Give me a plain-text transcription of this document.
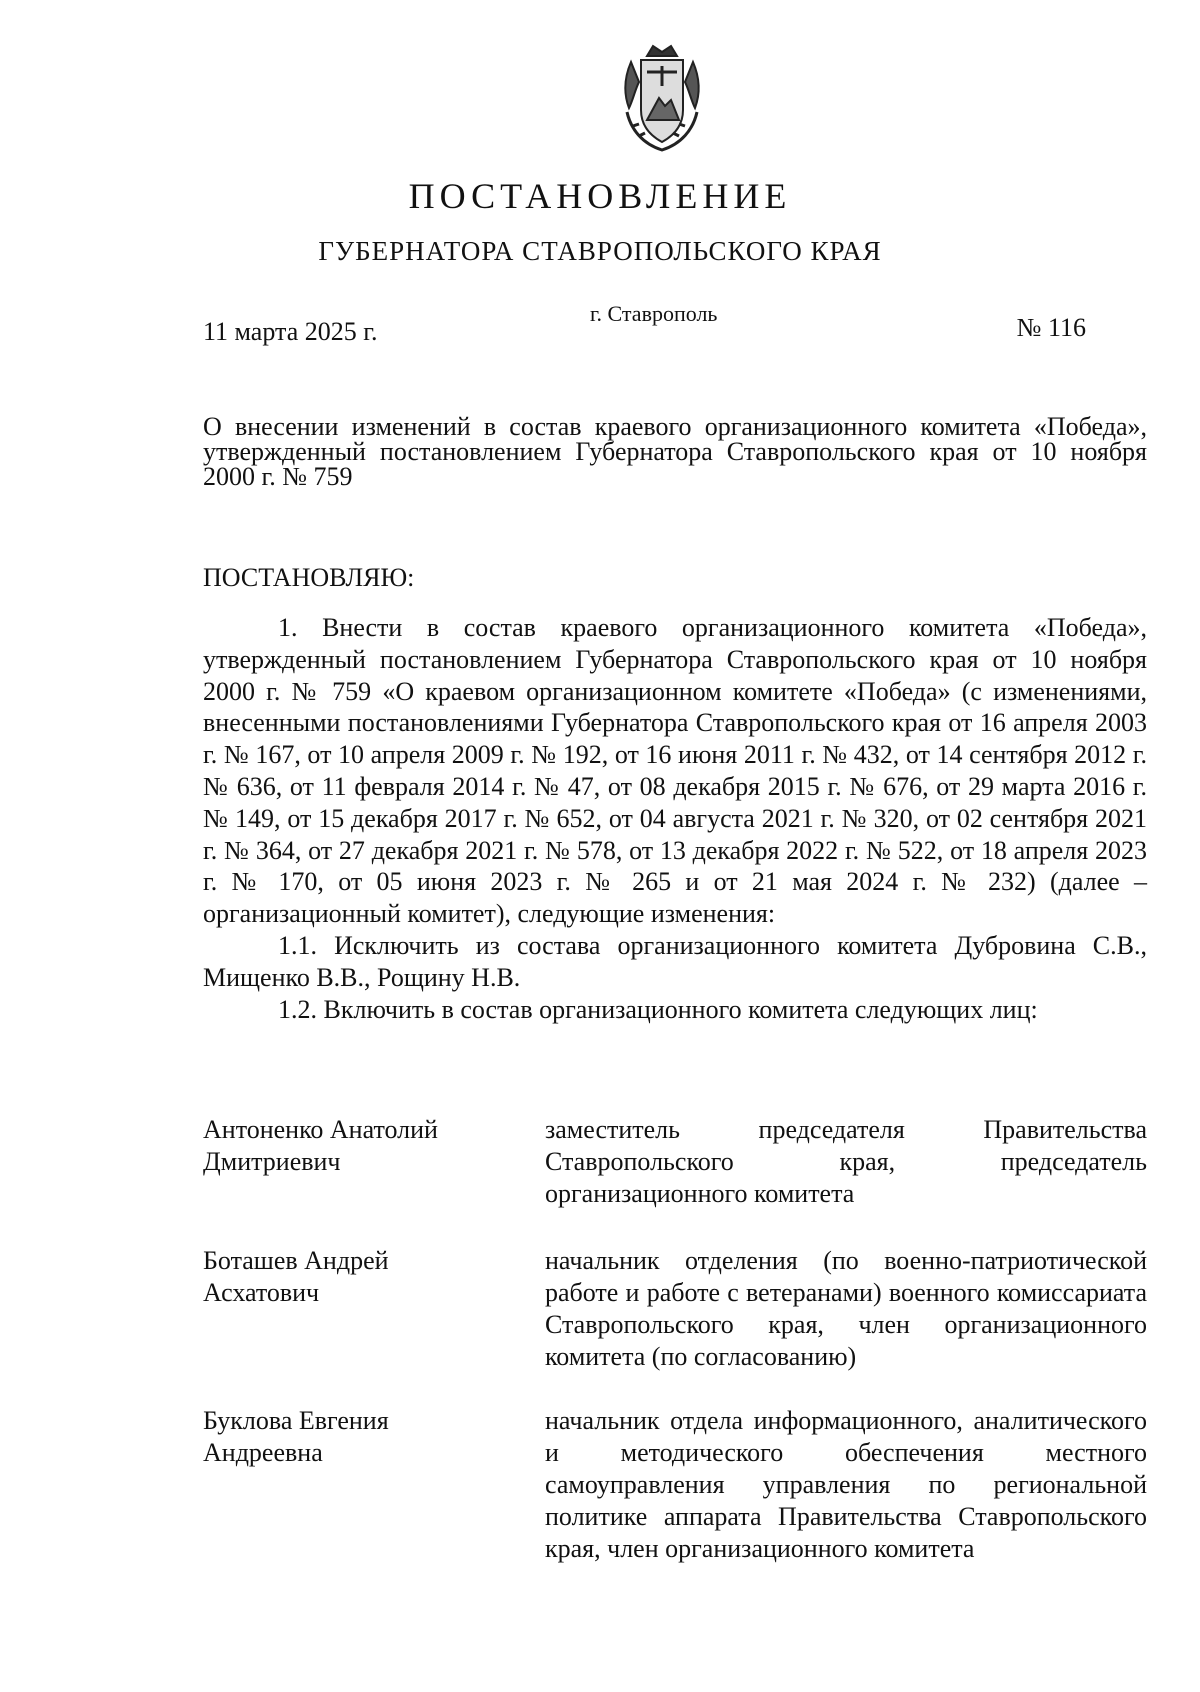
ПОСТАНОВЛЕНИЕ
ГУБЕРНАТОРА СТАВРОПОЛЬСКОГО КРАЯ
11 марта 2025 г.
г. Ставрополь	№ 116
О внесении изменений в состав краевого организационного комитета «Победа», утвержденный постановлением Губернатора Ставропольского края от 10 ноября 2000 г. № 759
ПОСТАНОВЛЯЮ:

1. Внести в состав краевого организационного комитета «Победа», утвержденный постановлением Губернатора Ставропольского края от 10 ноября 2000 г. № 759 «О краевом организационном комитете «Победа» (с изменениями, внесенными постановлениями Губернатора Ставропольского края от 16 апреля 2003 г. № 167, от 10 апреля 2009 г. № 192, от 16 июня 2011 г. № 432, от 14 сентября 2012 г. № 636, от 11 февраля 2014 г. № 47, от 08 декабря 2015 г. № 676, от 29 марта 2016 г. № 149, от 15 декабря 2017 г. № 652, от 04 августа 2021 г. № 320, от 02 сентября 2021 г. № 364, от 27 декабря 2021 г. № 578, от 13 декабря 2022 г. № 522, от 18 апреля 2023 г. № 170, от 05 июня 2023 г. № 265 и от 21 мая 2024 г. № 232) (далее – организационный комитет), следующие изменения:

1.1. Исключить из состава организационного комитета Дубровина С.В., Мищенко В.В., Рощину Н.В.

1.2. Включить в состав организационного комитета следующих лиц:

Антоненко Анатолий Дмитриевич
заместитель председателя Правительства Ставропольского края, председатель организационного комитета
Боташев Андрей Асхатович
начальник отделения (по военно-патриотической работе и работе с ветеранами) военного комиссариата Ставропольского края, член организационного комитета (по согласованию)
Буклова Евгения Андреевна
начальник отдела информационного, аналитического и методического обеспечения местного самоуправления управления по региональной политике аппарата Правительства Ставропольского края, член организационного комитета
